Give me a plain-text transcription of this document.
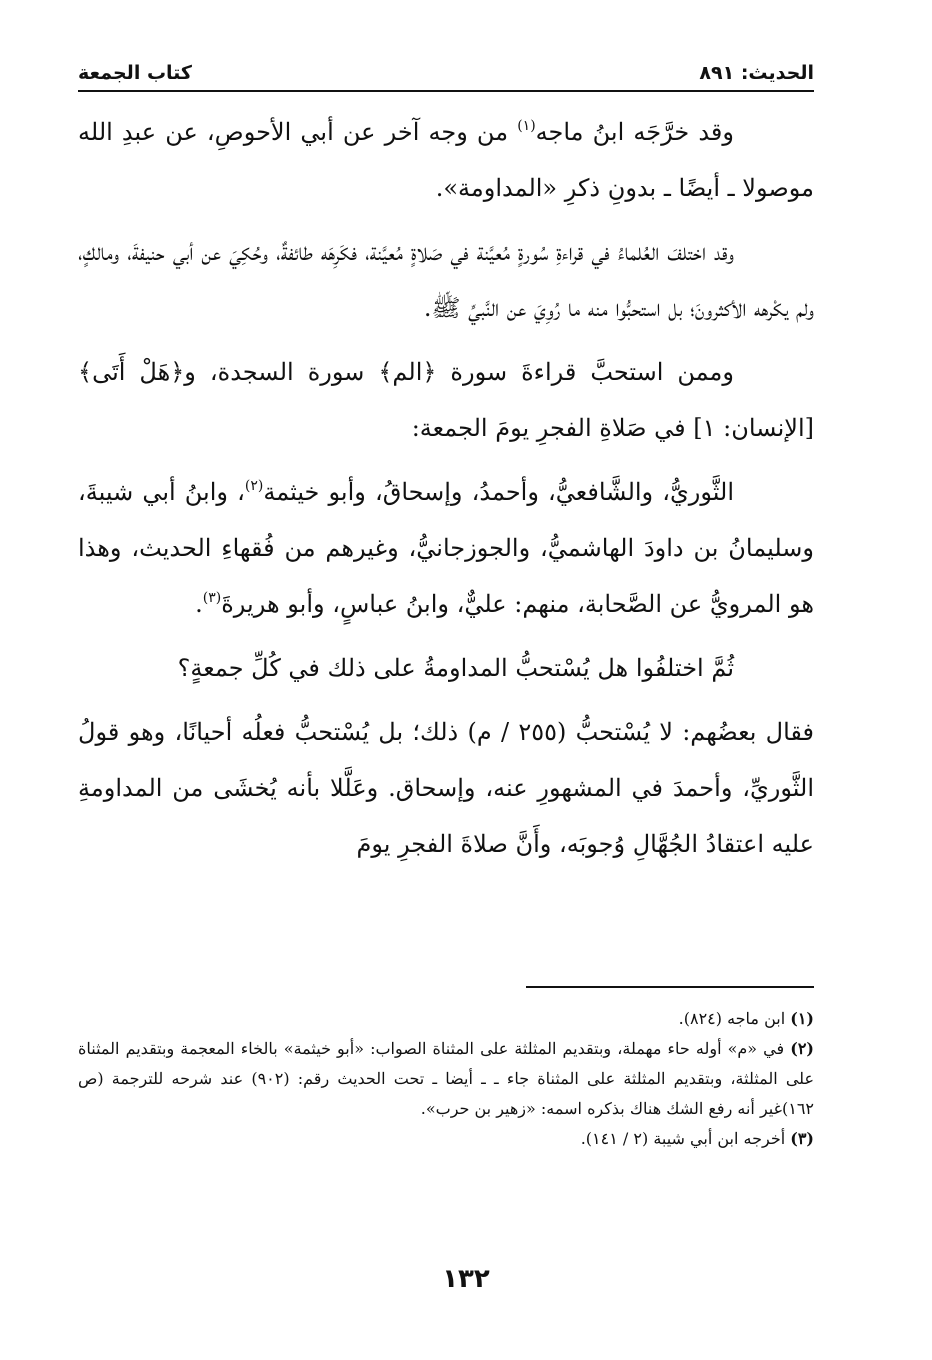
الحديث: ٨٩١
كتاب الجمعة

وقد خرَّجَه ابنُ ماجه$^{(١)}$ من وجه آخر عن أبي الأحوصِ، عن عبدِ الله موصولا ـ أيضًا ـ بدونِ ذكرِ «المداومة».

وقد اختلفَ العُلماءُ في قراءةِ سُورةٍ مُعيَّنة في صَلاةٍ مُعيَّنة، فكَرِهَه طائفةٌ، وحُكِيَ عن أبي حنيفةَ، ومالكٍ، ولم يكْرهه الأكثرونَ؛ بل استحبُّوا منه ما رُوِيَ عن النَّبيِّ ﷺ.

وممن استحبَّ قراءةَ سورة ﴿الم﴾ سورة السجدة، و﴿هَلْ أَتَى﴾ [الإنسان: ١] في صَلاةِ الفجرِ يومَ الجمعة:

الثَّوريُّ، والشَّافعيُّ، وأحمدُ، وإسحاقُ، وأبو خيثمة$^{(٢)}$، وابنُ أبي شيبةَ، وسليمانُ بن داودَ الهاشميُّ، والجوزجانيُّ، وغيرهم من فُقهاءِ الحديث، وهذا هو المرويُّ عن الصَّحابة، منهم: عليٌّ، وابنُ عباسٍ، وأبو هريرةَ$^{(٣)}$.

ثُمَّ اختلفُوا هل يُسْتحبُّ المداومةُ على ذلك في كُلِّ جمعةٍ؟

فقال بعضُهم: لا يُسْتحبُّ (٢٥٥ / م) ذلك؛ بل يُسْتحبُّ فعلُه أحيانًا، وهو قولُ الثَّوريِّ، وأحمدَ في المشهورِ عنه، وإسحاق. وعَلَّلا بأنه يُخشَى من المداومةِ عليه اعتقادُ الجُهَّالِ وُجوبَه، وأَنَّ صلاةَ الفجرِ يومَ

(١) ابن ماجه (٨٢٤).

(٢) في «م» أوله حاء مهملة، وبتقديم المثلثة على المثناة الصواب: «أبو خيثمة» بالخاء المعجمة وبتقديم المثناة على المثلثة، وبتقديم المثلثة على المثناة جاء ـ ـ أيضا ـ تحت الحديث رقم: (٩٠٢) عند شرحه للترجمة (ص ١٦٢)غير أنه رفع الشك هناك بذكره اسمه: «زهير بن حرب».

(٣) أخرجه ابن أبي شيبة (٢ / ١٤١).

١٣٢
